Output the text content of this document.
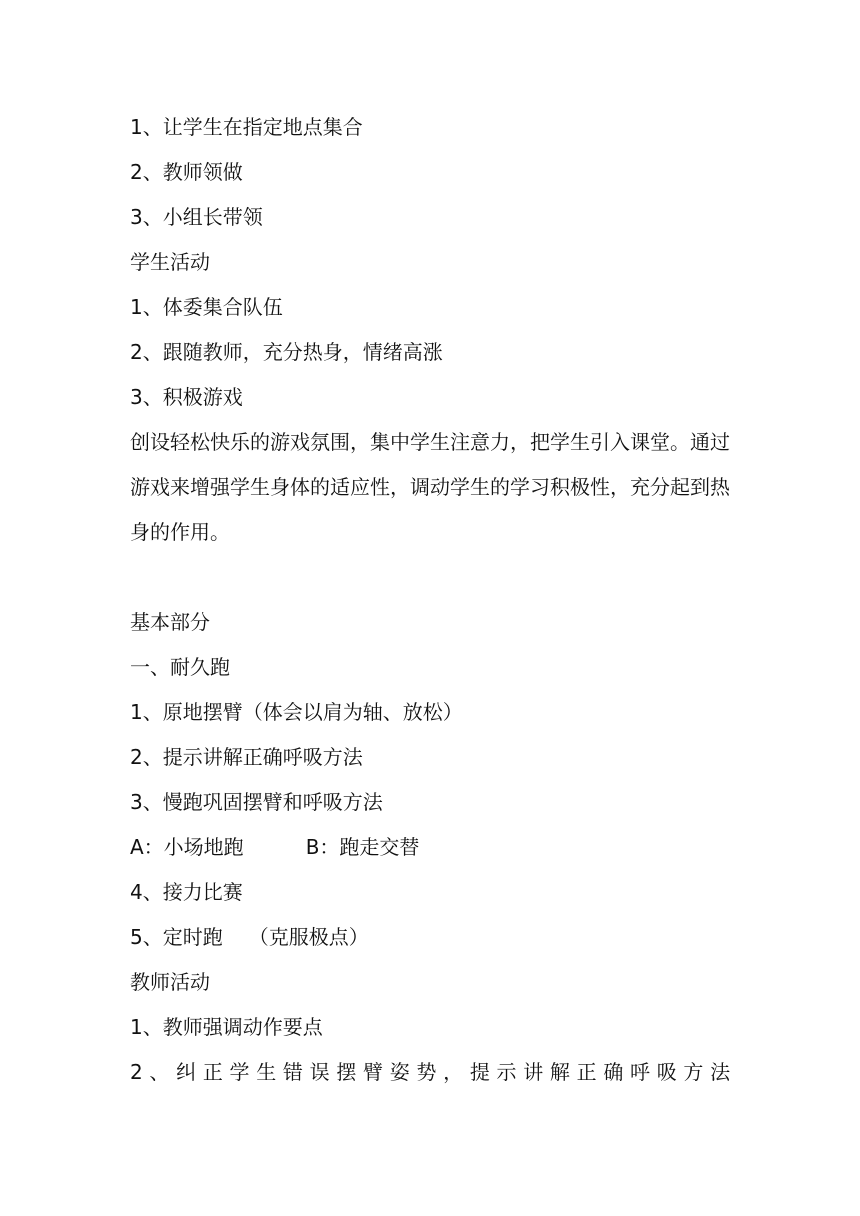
1、让学生在指定地点集合
2、教师领做
3、小组长带领
学生活动
1、体委集合队伍
2、跟随教师，充分热身，情绪高涨
3、积极游戏

创设轻松快乐的游戏氛围，集中学生注意力，把学生引入课堂。通过游戏来增强学生身体的适应性，调动学生的学习积极性，充分起到热身的作用。

基本部分
一、耐久跑
1、原地摆臂（体会以肩为轴、放松）
2、提示讲解正确呼吸方法
3、慢跑巩固摆臂和呼吸方法
A：小场地跑	B：跑走交替
4、接力比赛
5、定时跑 （克服极点）
教师活动
1、教师强调动作要点
2、纠正学生错误摆臂姿势，提示讲解正确呼吸方法
